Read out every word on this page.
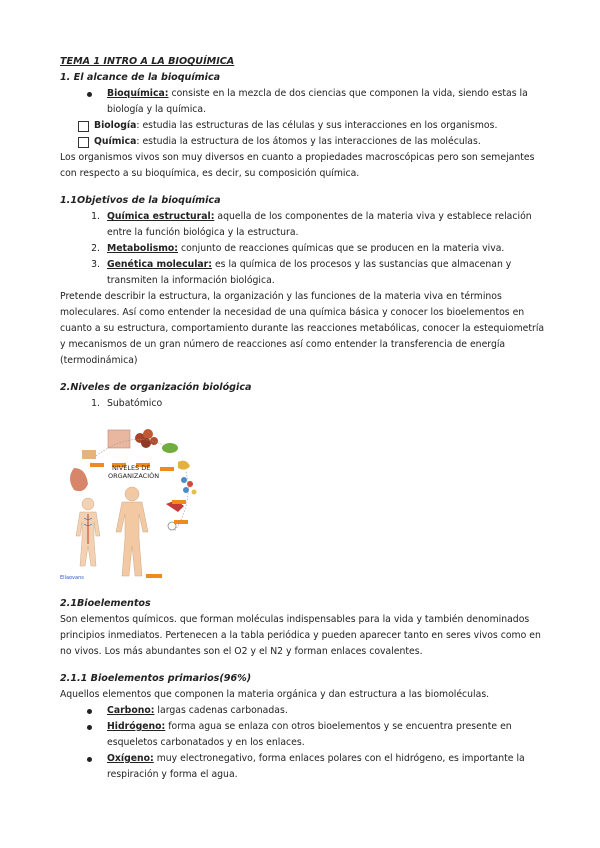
TEMA 1 INTRO A LA BIOQUÍMICA

1. El alcance de la bioquímica

Bioquímica: consiste en la mezcla de dos ciencias que componen la vida, siendo estas la biología y la química.
Biología: estudia las estructuras de las células y sus interacciones en los organismos.
Química: estudia la estructura de los átomos y las interacciones de las moléculas.

Los organismos vivos son muy diversos en cuanto a propiedades macroscópicas pero son semejantes con respecto a su bioquímica, es decir, su composición química.

1.1Objetivos de la bioquímica

1. Química estructural: aquella de los componentes de la materia viva y establece relación entre la función biológica y la estructura.
2. Metabolismo: conjunto de reacciones químicas que se producen en la materia viva.
3. Genética molecular: es la química de los procesos y las sustancias que almacenan y transmiten la información biológica.

Pretende describir la estructura, la organización y las funciones de la materia viva en términos moleculares. Así como entender la necesidad de una química básica y conocer los bioelementos en cuanto a su estructura, comportamiento durante las reacciones metabólicas, conocer la estequiometría y mecanismos de un gran número de reacciones así como entender la transferencia de energía (termodinámica)

2.Niveles de organización biológica

1. Subatómico
NIVELES DE
ORGANIZACIÓN
Ellaovans

2.1Bioelementos

Son elementos químicos. que forman moléculas indispensables para la vida y también denominados principios inmediatos. Pertenecen a la tabla periódica y pueden aparecer tanto en seres vivos como en no vivos. Los más abundantes son el O2 y el N2 y forman enlaces covalentes.

2.1.1 Bioelementos primarios(96%)

Aquellos elementos que componen la materia orgánica y dan estructura a las biomoléculas.

Carbono: largas cadenas carbonadas.
Hidrógeno: forma agua se enlaza con otros bioelementos y se encuentra presente en esqueletos carbonatados y en los enlaces.
Oxígeno: muy electronegativo, forma enlaces polares con el hidrógeno, es importante la respiración y forma el agua.
